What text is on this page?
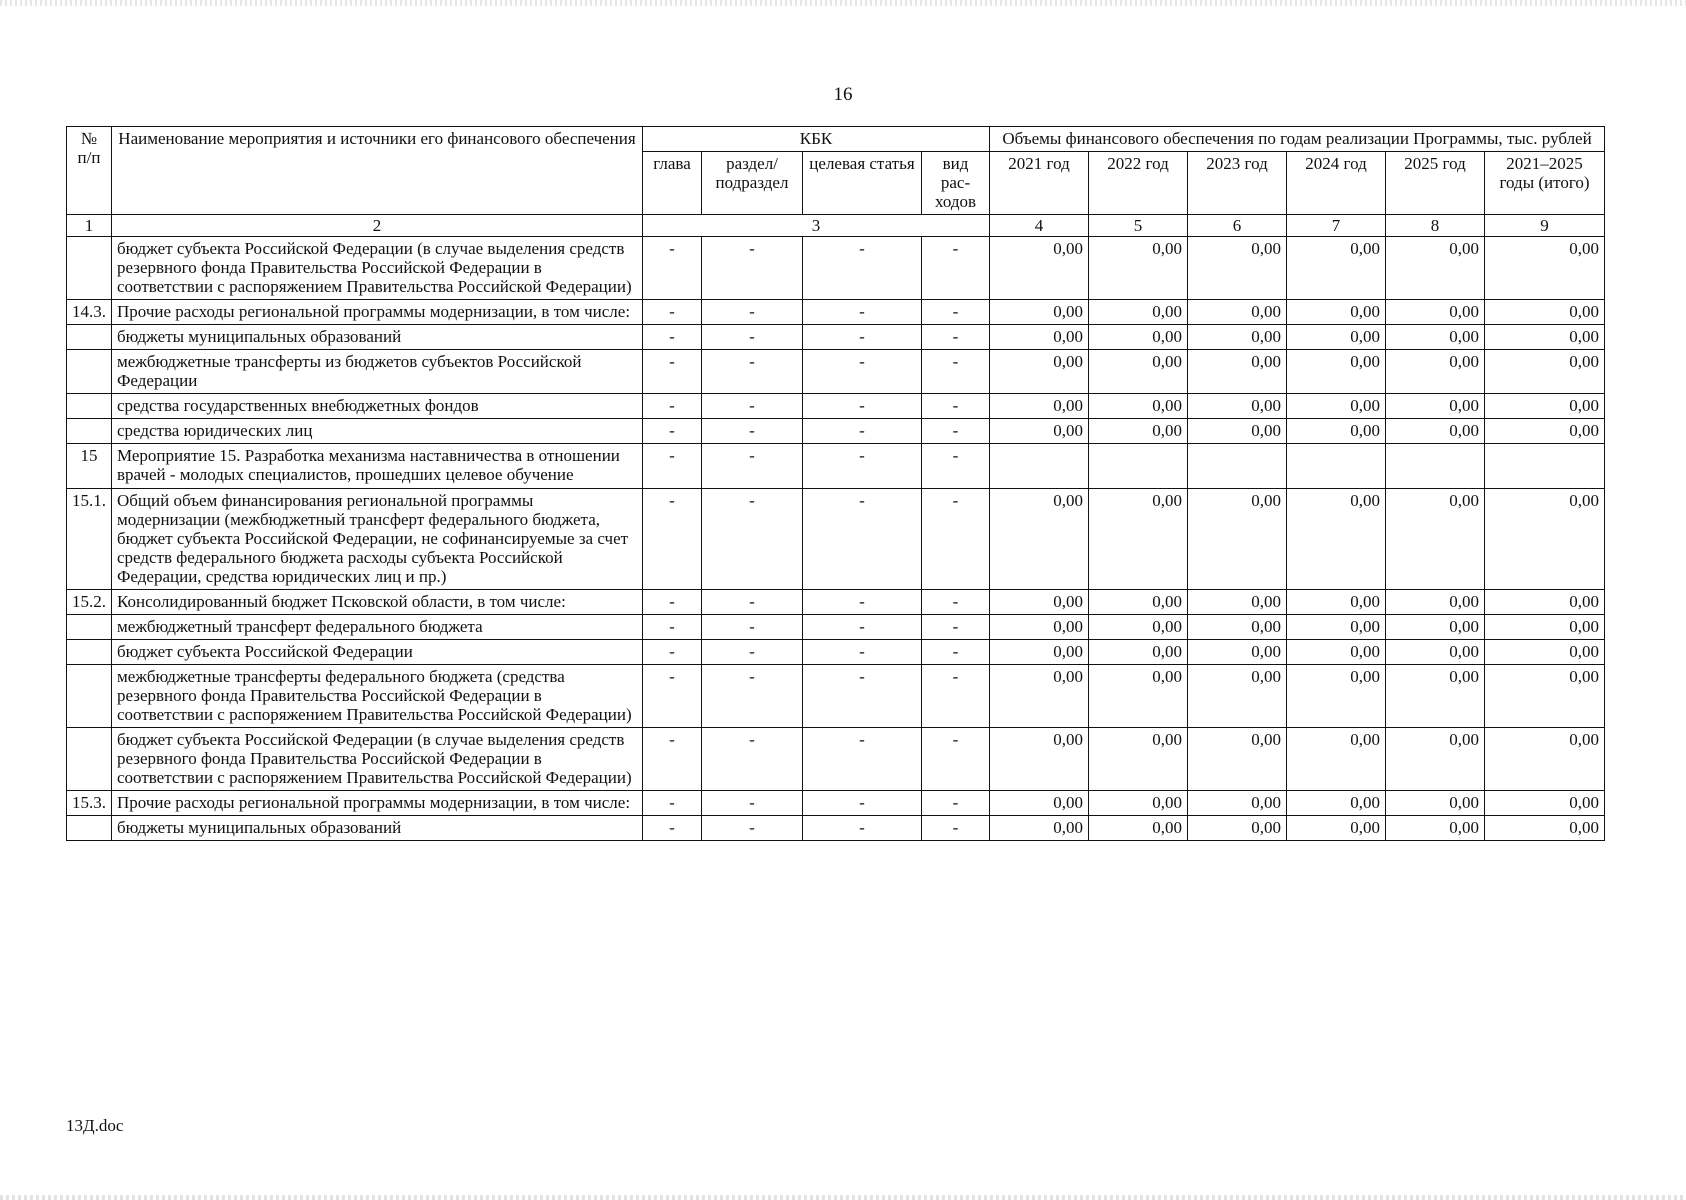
16
№ п/п	Наименование мероприятия и источники его финансового обеспечения	КБК				Объемы финансового обеспечения по годам реализации Программы, тыс. рублей					
		глава	раздел/ подраздел	целевая статья	вид рас- ходов	2021 год	2022 год	2023 год	2024 год	2025 год	2021–2025 годы (итого)
1	2	3				4	5	6	7	8	9
	бюджет субъекта Российской Федерации (в случае выделения средств резервного фонда Правительства Российской Федерации в соответствии с распоряжением Правительства Российской Федерации)	-	-	-	-	0,00	0,00	0,00	0,00	0,00	0,00
14.3.	Прочие расходы региональной программы модернизации, в том числе:	-	-	-	-	0,00	0,00	0,00	0,00	0,00	0,00
	бюджеты муниципальных образований	-	-	-	-	0,00	0,00	0,00	0,00	0,00	0,00
	межбюджетные трансферты из бюджетов субъектов Российской Федерации	-	-	-	-	0,00	0,00	0,00	0,00	0,00	0,00
	средства государственных внебюджетных фондов	-	-	-	-	0,00	0,00	0,00	0,00	0,00	0,00
	средства юридических лиц	-	-	-	-	0,00	0,00	0,00	0,00	0,00	0,00
15	Мероприятие 15. Разработка механизма наставничества в отношении врачей - молодых специалистов, прошедших целевое обучение	-	-	-	-						
15.1.	Общий объем финансирования региональной программы модернизации (межбюджетный трансферт федерального бюджета, бюджет субъекта Российской Федерации, не софинансируемые за счет средств федерального бюджета расходы субъекта Российской Федерации, средства юридических лиц и пр.)	-	-	-	-	0,00	0,00	0,00	0,00	0,00	0,00
15.2.	Консолидированный бюджет Псковской области, в том числе:	-	-	-	-	0,00	0,00	0,00	0,00	0,00	0,00
	межбюджетный трансферт федерального бюджета	-	-	-	-	0,00	0,00	0,00	0,00	0,00	0,00
	бюджет субъекта Российской Федерации	-	-	-	-	0,00	0,00	0,00	0,00	0,00	0,00
	межбюджетные трансферты федерального бюджета (средства резервного фонда Правительства Российской Федерации в соответствии с распоряжением Правительства Российской Федерации)	-	-	-	-	0,00	0,00	0,00	0,00	0,00	0,00
	бюджет субъекта Российской Федерации (в случае выделения средств резервного фонда Правительства Российской Федерации в соответствии с распоряжением Правительства Российской Федерации)	-	-	-	-	0,00	0,00	0,00	0,00	0,00	0,00
15.3.	Прочие расходы региональной программы модернизации, в том числе:	-	-	-	-	0,00	0,00	0,00	0,00	0,00	0,00
	бюджеты муниципальных образований	-	-	-	-	0,00	0,00	0,00	0,00	0,00	0,00
13Д.doc
